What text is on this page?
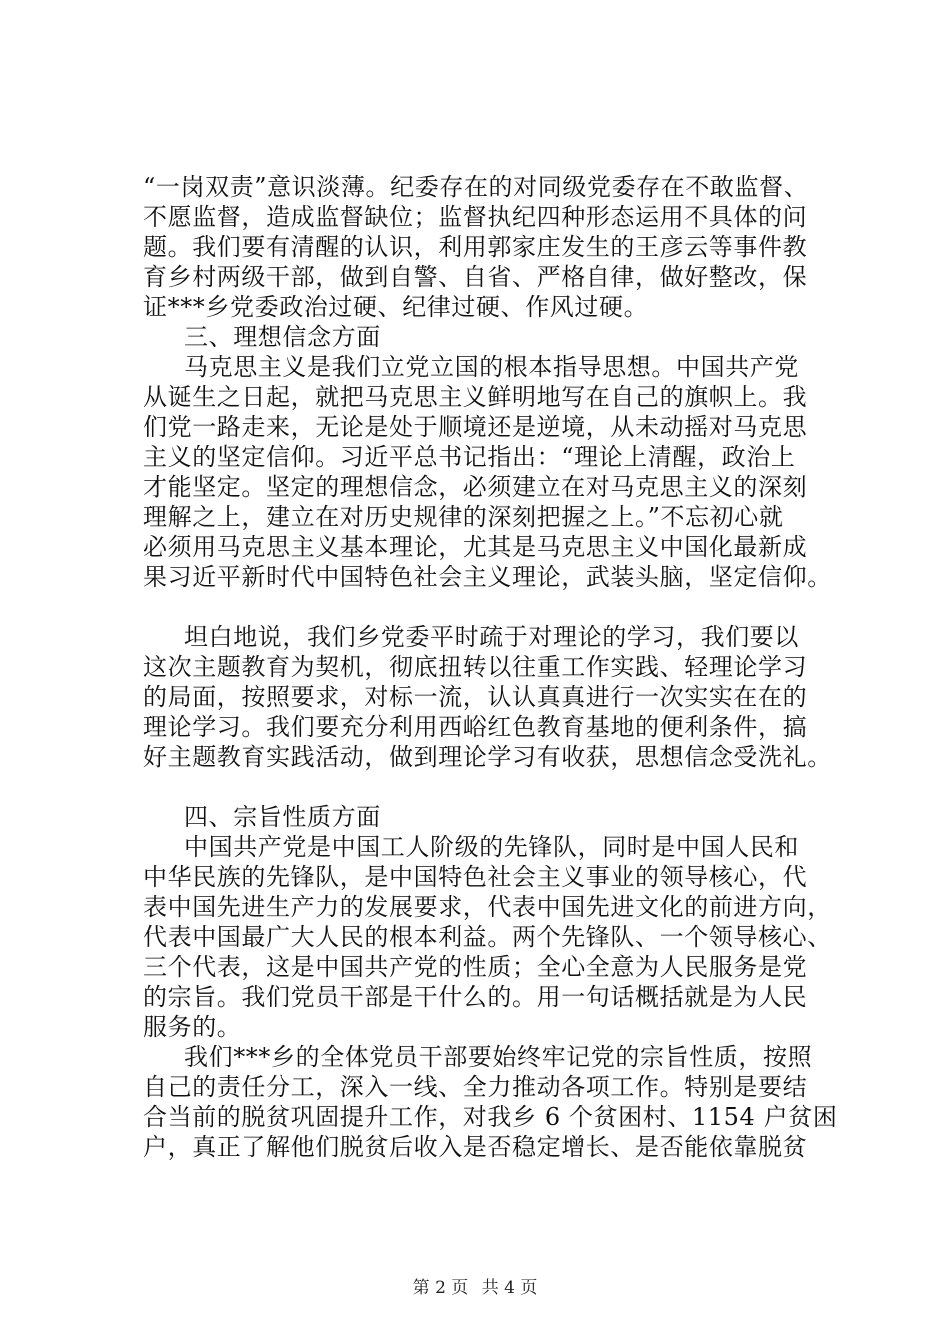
“一岗双责”意识淡薄。纪委存在的对同级党委存在不敢监督、
不愿监督，造成监督缺位；监督执纪四种形态运用不具体的问
题。我们要有清醒的认识，利用郭家庄发生的王彦云等事件教
育乡村两级干部，做到自警、自省、严格自律，做好整改，保
证***乡党委政治过硬、纪律过硬、作风过硬。
三、理想信念方面
马克思主义是我们立党立国的根本指导思想。中国共产党
从诞生之日起，就把马克思主义鲜明地写在自己的旗帜上。我
们党一路走来，无论是处于顺境还是逆境，从未动摇对马克思
主义的坚定信仰。习近平总书记指出：“理论上清醒，政治上
才能坚定。坚定的理想信念，必须建立在对马克思主义的深刻
理解之上，建立在对历史规律的深刻把握之上。”不忘初心就
必须用马克思主义基本理论，尤其是马克思主义中国化最新成
果习近平新时代中国特色社会主义理论，武装头脑，坚定信仰。
坦白地说，我们乡党委平时疏于对理论的学习，我们要以
这次主题教育为契机，彻底扭转以往重工作实践、轻理论学习
的局面，按照要求，对标一流，认认真真进行一次实实在在的
理论学习。我们要充分利用西峪红色教育基地的便利条件，搞
好主题教育实践活动，做到理论学习有收获，思想信念受洗礼。
四、宗旨性质方面
中国共产党是中国工人阶级的先锋队，同时是中国人民和
中华民族的先锋队，是中国特色社会主义事业的领导核心，代
表中国先进生产力的发展要求，代表中国先进文化的前进方向，
代表中国最广大人民的根本利益。两个先锋队、一个领导核心、
三个代表，这是中国共产党的性质；全心全意为人民服务是党
的宗旨。我们党员干部是干什么的。用一句话概括就是为人民
服务的。
我们***乡的全体党员干部要始终牢记党的宗旨性质，按照
自己的责任分工，深入一线、全力推动各项工作。特别是要结
合当前的脱贫巩固提升工作，对我乡 6 个贫困村、1154 户贫困
户，真正了解他们脱贫后收入是否稳定增长、是否能依靠脱贫
第 2 页 共 4 页
